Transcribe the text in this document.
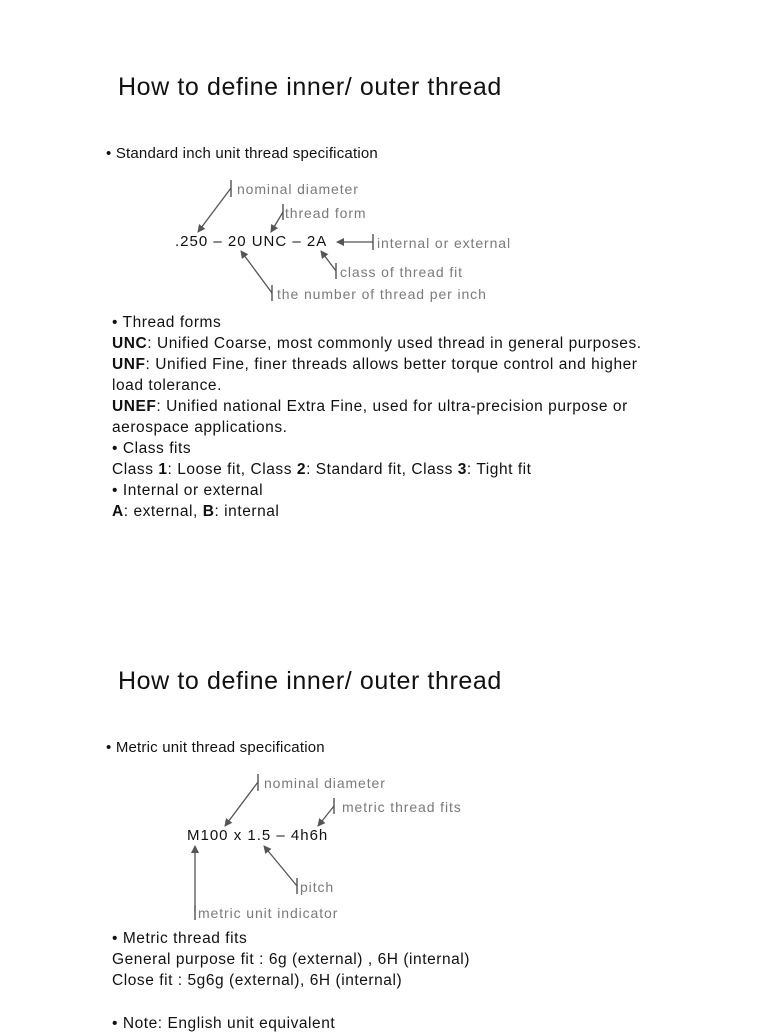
How to define inner/ outer thread
• Standard inch unit thread specification
nominal diameter
thread form
.250 – 20 UNC – 2A	internal or external
class of thread fit
the number of thread per inch
• Thread forms
UNC: Unified Coarse, most commonly used thread in general purposes.
UNF: Unified Fine, finer threads allows better torque control and higher
load tolerance.
UNEF: Unified national Extra Fine, used for ultra-precision purpose or
aerospace applications.
• Class fits
Class 1: Loose fit, Class 2: Standard fit, Class 3: Tight fit
• Internal or external
A: external, B: internal
How to define inner/ outer thread
• Metric unit thread specification
nominal diameter
metric thread fits
M100 x 1.5 – 4h6h
pitch
metric unit indicator
• Metric thread fits
General purpose fit : 6g (external) , 6H (internal)
Close fit : 5g6g (external), 6H (internal)
• Note: English unit equivalent
